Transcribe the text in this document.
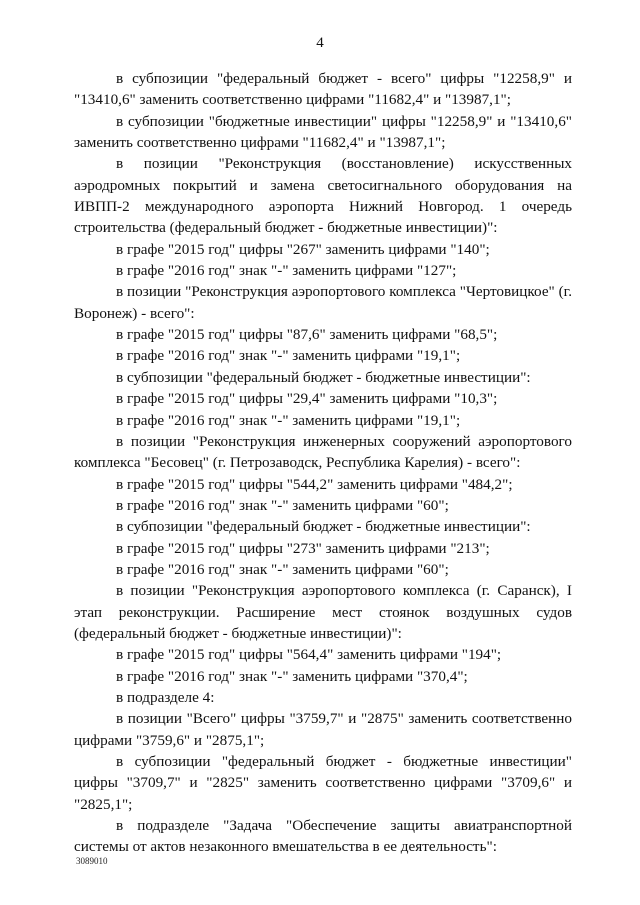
4

в субпозиции "федеральный бюджет - всего" цифры "12258,9" и "13410,6" заменить соответственно цифрами "11682,4" и "13987,1";

в субпозиции "бюджетные инвестиции" цифры "12258,9" и "13410,6" заменить соответственно цифрами "11682,4" и "13987,1";

в позиции "Реконструкция (восстановление) искусственных аэродромных покрытий и замена светосигнального оборудования на ИВПП-2 международного аэропорта Нижний Новгород. 1 очередь строительства (федеральный бюджет - бюджетные инвестиции)":

в графе "2015 год" цифры "267" заменить цифрами "140";

в графе "2016 год" знак "-" заменить цифрами "127";

в позиции "Реконструкция аэропортового комплекса "Чертовицкое" (г. Воронеж) - всего":

в графе "2015 год" цифры "87,6" заменить цифрами "68,5";

в графе "2016 год" знак "-" заменить цифрами "19,1";

в субпозиции "федеральный бюджет - бюджетные инвестиции":

в графе "2015 год" цифры "29,4" заменить цифрами "10,3";

в графе "2016 год" знак "-" заменить цифрами "19,1";

в позиции "Реконструкция инженерных сооружений аэропортового комплекса "Бесовец" (г. Петрозаводск, Республика Карелия) - всего":

в графе "2015 год" цифры "544,2" заменить цифрами "484,2";

в графе "2016 год" знак "-" заменить цифрами "60";

в субпозиции "федеральный бюджет - бюджетные инвестиции":

в графе "2015 год" цифры "273" заменить цифрами "213";

в графе "2016 год" знак "-" заменить цифрами "60";

в позиции "Реконструкция аэропортового комплекса (г. Саранск), I этап реконструкции. Расширение мест стоянок воздушных судов (федеральный бюджет - бюджетные инвестиции)":

в графе "2015 год" цифры "564,4" заменить цифрами "194";

в графе "2016 год" знак "-" заменить цифрами "370,4";

в подразделе 4:

в позиции "Всего" цифры "3759,7" и "2875" заменить соответственно цифрами "3759,6" и "2875,1";

в субпозиции "федеральный бюджет - бюджетные инвестиции" цифры "3709,7" и "2825" заменить соответственно цифрами "3709,6" и "2825,1";

в подразделе "Задача "Обеспечение защиты авиатранспортной системы от актов незаконного вмешательства в ее деятельность":

3089010
